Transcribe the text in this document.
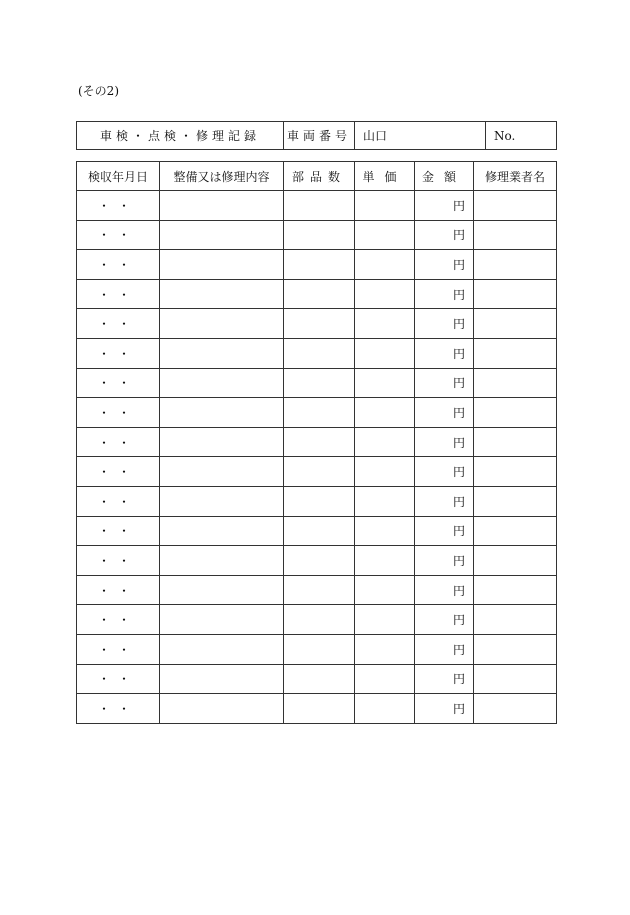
(その2)
車検・点検・修理記録	車両番号	山口	No.
検収年月日	整備又は修理内容	部品数	単価	金額	修理業者名
・・				円	
・・				円	
・・				円	
・・				円	
・・				円	
・・				円	
・・				円	
・・				円	
・・				円	
・・				円	
・・				円	
・・				円	
・・				円	
・・				円	
・・				円	
・・				円	
・・				円	
・・				円	
